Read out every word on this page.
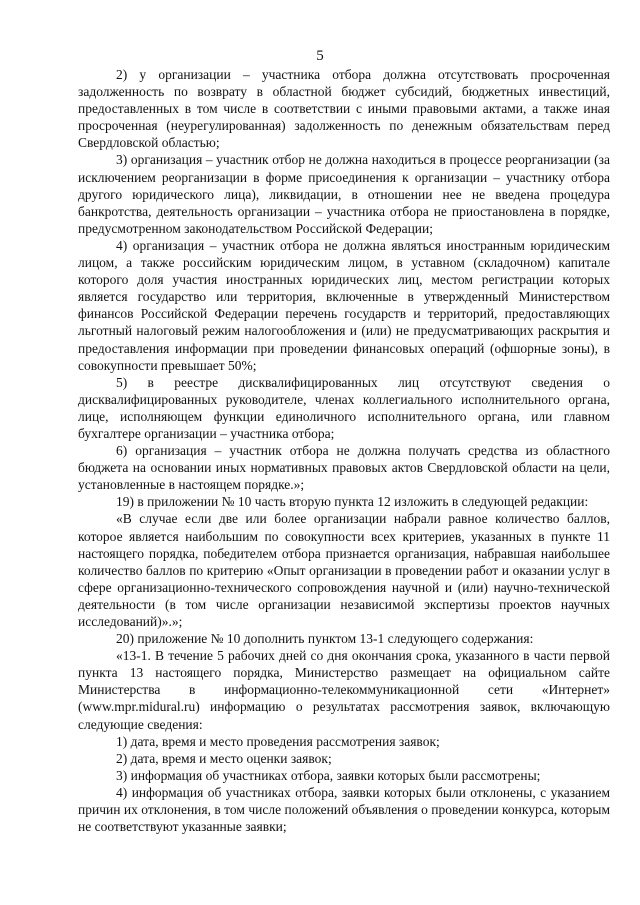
5

2) у организации – участника отбора должна отсутствовать просроченная задолженность по возврату в областной бюджет субсидий, бюджетных инвестиций, предоставленных в том числе в соответствии с иными правовыми актами, а также иная просроченная (неурегулированная) задолженность по денежным обязательствам перед Свердловской областью;

3) организация – участник отбор не должна находиться в процессе реорганизации (за исключением реорганизации в форме присоединения к организации – участнику отбора другого юридического лица), ликвидации, в отношении нее не введена процедура банкротства, деятельность организации – участника отбора не приостановлена в порядке, предусмотренном законодательством Российской Федерации;

4) организация – участник отбора не должна являться иностранным юридическим лицом, а также российским юридическим лицом, в уставном (складочном) капитале которого доля участия иностранных юридических лиц, местом регистрации которых является государство или территория, включенные в утвержденный Министерством финансов Российской Федерации перечень государств и территорий, предоставляющих льготный налоговый режим налогообложения и (или) не предусматривающих раскрытия и предоставления информации при проведении финансовых операций (офшорные зоны), в совокупности превышает 50%;

5) в реестре дисквалифицированных лиц отсутствуют сведения о дисквалифицированных руководителе, членах коллегиального исполнительного органа, лице, исполняющем функции единоличного исполнительного органа, или главном бухгалтере организации – участника отбора;

6) организация – участник отбора не должна получать средства из областного бюджета на основании иных нормативных правовых актов Свердловской области на цели, установленные в настоящем порядке.»;

19) в приложении № 10 часть вторую пункта 12 изложить в следующей редакции:

«В случае если две или более организации набрали равное количество баллов, которое является наибольшим по совокупности всех критериев, указанных в пункте 11 настоящего порядка, победителем отбора признается организация, набравшая наибольшее количество баллов по критерию «Опыт организации в проведении работ и оказании услуг в сфере организационно-технического сопровождения научной и (или) научно-технической деятельности (в том числе организации независимой экспертизы проектов научных исследований)».»;

20) приложение № 10 дополнить пунктом 13-1 следующего содержания:

«13-1. В течение 5 рабочих дней со дня окончания срока, указанного в части первой пункта 13 настоящего порядка, Министерство размещает на официальном сайте Министерства в информационно-телекоммуникационной сети «Интернет» (www.mpr.midural.ru) информацию о результатах рассмотрения заявок, включающую следующие сведения:

1) дата, время и место проведения рассмотрения заявок;

2) дата, время и место оценки заявок;

3) информация об участниках отбора, заявки которых были рассмотрены;

4) информация об участниках отбора, заявки которых были отклонены, с указанием причин их отклонения, в том числе положений объявления о проведении конкурса, которым не соответствуют указанные заявки;
